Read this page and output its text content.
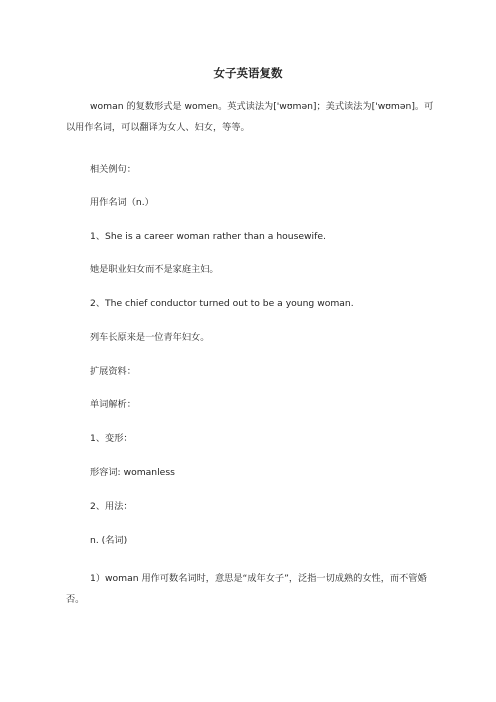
女子英语复数

woman 的复数形式是 women。英式读法为['wʊmən]；美式读法为['wʊmən]。可以用作名词，可以翻译为女人、妇女，等等。

相关例句：

用作名词（n.）

1、She is a career woman rather than a housewife.

她是职业妇女而不是家庭主妇。

2、The chief conductor turned out to be a young woman.

列车长原来是一位青年妇女。

扩展资料：

单词解析：

1、变形：

形容词: womanless

2、用法：

n. (名词)

1）woman 用作可数名词时，意思是“成年女子”，泛指一切成熟的女性，而不管婚否。
